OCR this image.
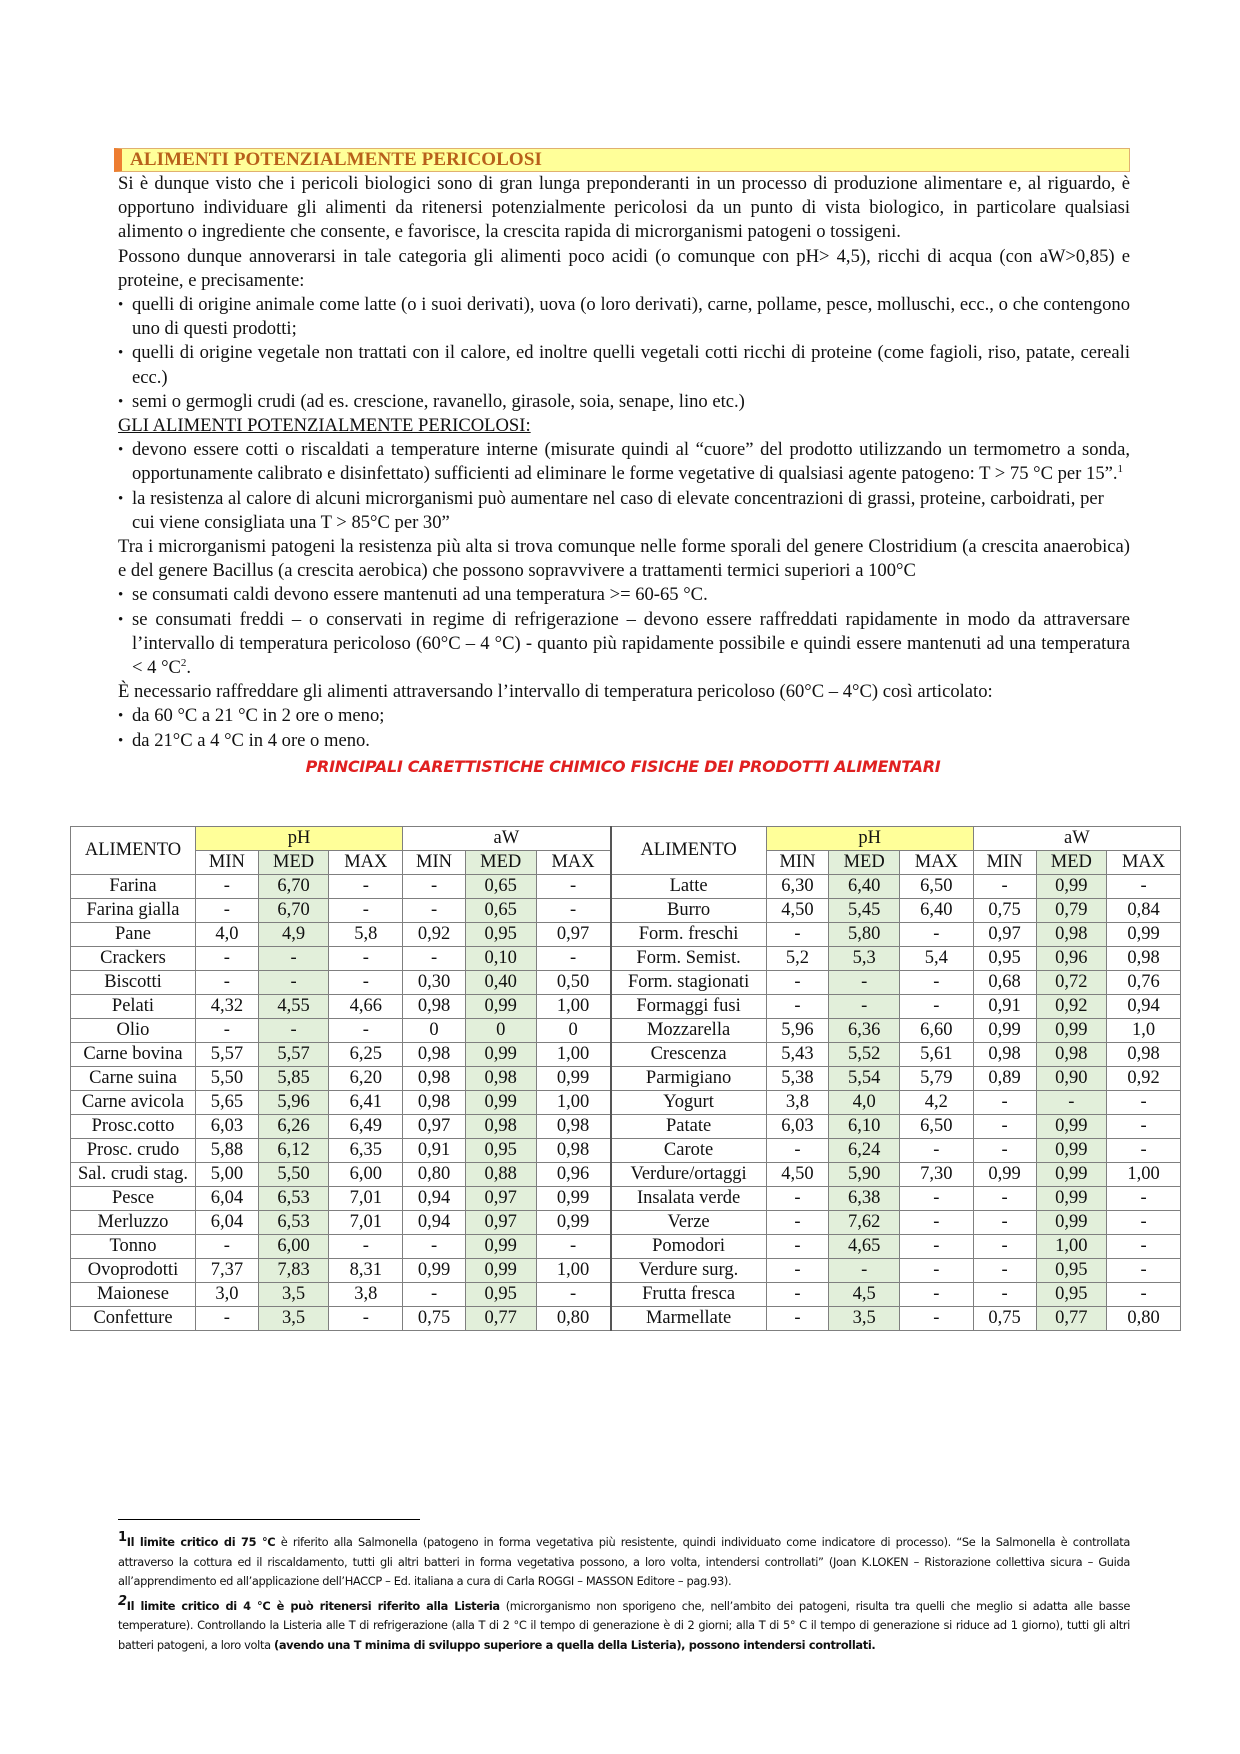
ALIMENTI POTENZIALMENTE PERICOLOSI

Si è dunque visto che i pericoli biologici sono di gran lunga preponderanti in un processo di produzione alimentare e, al riguardo, è opportuno individuare gli alimenti da ritenersi potenzialmente pericolosi da un punto di vista biologico, in particolare qualsiasi alimento o ingrediente che consente, e favorisce, la crescita rapida di microrganismi patogeni o tossigeni.

Possono dunque annoverarsi in tale categoria gli alimenti poco acidi (o comunque con pH> 4,5), ricchi di acqua (con aW>0,85) e proteine, e precisamente:

• quelli di origine animale come latte (o i suoi derivati), uova (o loro derivati), carne, pollame, pesce, molluschi, ecc., o che contengono uno di questi prodotti;
• quelli di origine vegetale non trattati con il calore, ed inoltre quelli vegetali cotti ricchi di proteine (come fagioli, riso, patate, cereali ecc.)
• semi o germogli crudi (ad es. crescione, ravanello, girasole, soia, senape, lino etc.)

GLI ALIMENTI POTENZIALMENTE PERICOLOSI:

• devono essere cotti o riscaldati a temperature interne (misurate quindi al “cuore” del prodotto utilizzando un termometro a sonda, opportunamente calibrato e disinfettato) sufficienti ad eliminare le forme vegetative di qualsiasi agente patogeno: T > 75 °C per 15”.$^1$
• la resistenza al calore di alcuni microrganismi può aumentare nel caso di elevate concentrazioni di grassi, proteine, carboidrati, per cui viene consigliata una T > 85°C per 30”

Tra i microrganismi patogeni la resistenza più alta si trova comunque nelle forme sporali del genere Clostridium (a crescita anaerobica) e del genere Bacillus (a crescita aerobica) che possono sopravvivere a trattamenti termici superiori a 100°C

• se consumati caldi devono essere mantenuti ad una temperatura >= 60-65 °C.
• se consumati freddi – o conservati in regime di refrigerazione – devono essere raffreddati rapidamente in modo da attraversare l’intervallo di temperatura pericoloso (60°C – 4 °C) - quanto più rapidamente possibile e quindi essere mantenuti ad una temperatura < 4 $^\circ C^2$.

È necessario raffreddare gli alimenti attraversando l’intervallo di temperatura pericoloso (60°C – 4°C) così articolato:

• da 60 °C a 21 °C in 2 ore o meno;
• da 21°C a 4 °C in 4 ore o meno.
PRINCIPALI CARETTISTICHE CHIMICO FISICHE DEI PRODOTTI ALIMENTARI
ALIMENTO	pH			aW			ALIMENTO	pH			aW		
	MIN	MED	MAX	MIN	MED	MAX		MIN	MED	MAX	MIN	MED	MAX
Farina	-	6,70	-	-	0,65	-	Latte	6,30	6,40	6,50	-	0,99	-
Farina gialla	-	6,70	-	-	0,65	-	Burro	4,50	5,45	6,40	0,75	0,79	0,84
Pane	4,0	4,9	5,8	0,92	0,95	0,97	Form. freschi	-	5,80	-	0,97	0,98	0,99
Crackers	-	-	-	-	0,10	-	Form. Semist.	5,2	5,3	5,4	0,95	0,96	0,98
Biscotti	-	-	-	0,30	0,40	0,50	Form. stagionati	-	-	-	0,68	0,72	0,76
Pelati	4,32	4,55	4,66	0,98	0,99	1,00	Formaggi fusi	-	-	-	0,91	0,92	0,94
Olio	-	-	-	0	0	0	Mozzarella	5,96	6,36	6,60	0,99	0,99	1,0
Carne bovina	5,57	5,57	6,25	0,98	0,99	1,00	Crescenza	5,43	5,52	5,61	0,98	0,98	0,98
Carne suina	5,50	5,85	6,20	0,98	0,98	0,99	Parmigiano	5,38	5,54	5,79	0,89	0,90	0,92
Carne avicola	5,65	5,96	6,41	0,98	0,99	1,00	Yogurt	3,8	4,0	4,2	-	-	-
Prosc.cotto	6,03	6,26	6,49	0,97	0,98	0,98	Patate	6,03	6,10	6,50	-	0,99	-
Prosc. crudo	5,88	6,12	6,35	0,91	0,95	0,98	Carote	-	6,24	-	-	0,99	-
Sal. crudi stag.	5,00	5,50	6,00	0,80	0,88	0,96	Verdure/ortaggi	4,50	5,90	7,30	0,99	0,99	1,00
Pesce	6,04	6,53	7,01	0,94	0,97	0,99	Insalata verde	-	6,38	-	-	0,99	-
Merluzzo	6,04	6,53	7,01	0,94	0,97	0,99	Verze	-	7,62	-	-	0,99	-
Tonno	-	6,00	-	-	0,99	-	Pomodori	-	4,65	-	-	1,00	-
Ovoprodotti	7,37	7,83	8,31	0,99	0,99	1,00	Verdure surg.	-	-	-	-	0,95	-
Maionese	3,0	3,5	3,8	-	0,95	-	Frutta fresca	-	4,5	-	-	0,95	-
Confetture	-	3,5	-	0,75	0,77	0,80	Marmellate	-	3,5	-	0,75	0,77	0,80
1Il limite critico di 75 °C è riferito alla Salmonella (patogeno in forma vegetativa più resistente, quindi individuato come indicatore di processo). “Se la Salmonella è controllata attraverso la cottura ed il riscaldamento, tutti gli altri batteri in forma vegetativa possono, a loro volta, intendersi controllati” (Joan K.LOKEN – Ristorazione collettiva sicura – Guida all’apprendimento ed all’applicazione dell’HACCP – Ed. italiana a cura di Carla ROGGI – MASSON Editore – pag.93).
2Il limite critico di 4 °C è può ritenersi riferito alla Listeria (microrganismo non sporigeno che, nell’ambito dei patogeni, risulta tra quelli che meglio si adatta alle basse temperature). Controllando la Listeria alle T di refrigerazione (alla T di 2 °C il tempo di generazione è di 2 giorni; alla T di 5° C il tempo di generazione si riduce ad 1 giorno), tutti gli altri batteri patogeni, a loro volta (avendo una T minima di sviluppo superiore a quella della Listeria), possono intendersi controllati.
